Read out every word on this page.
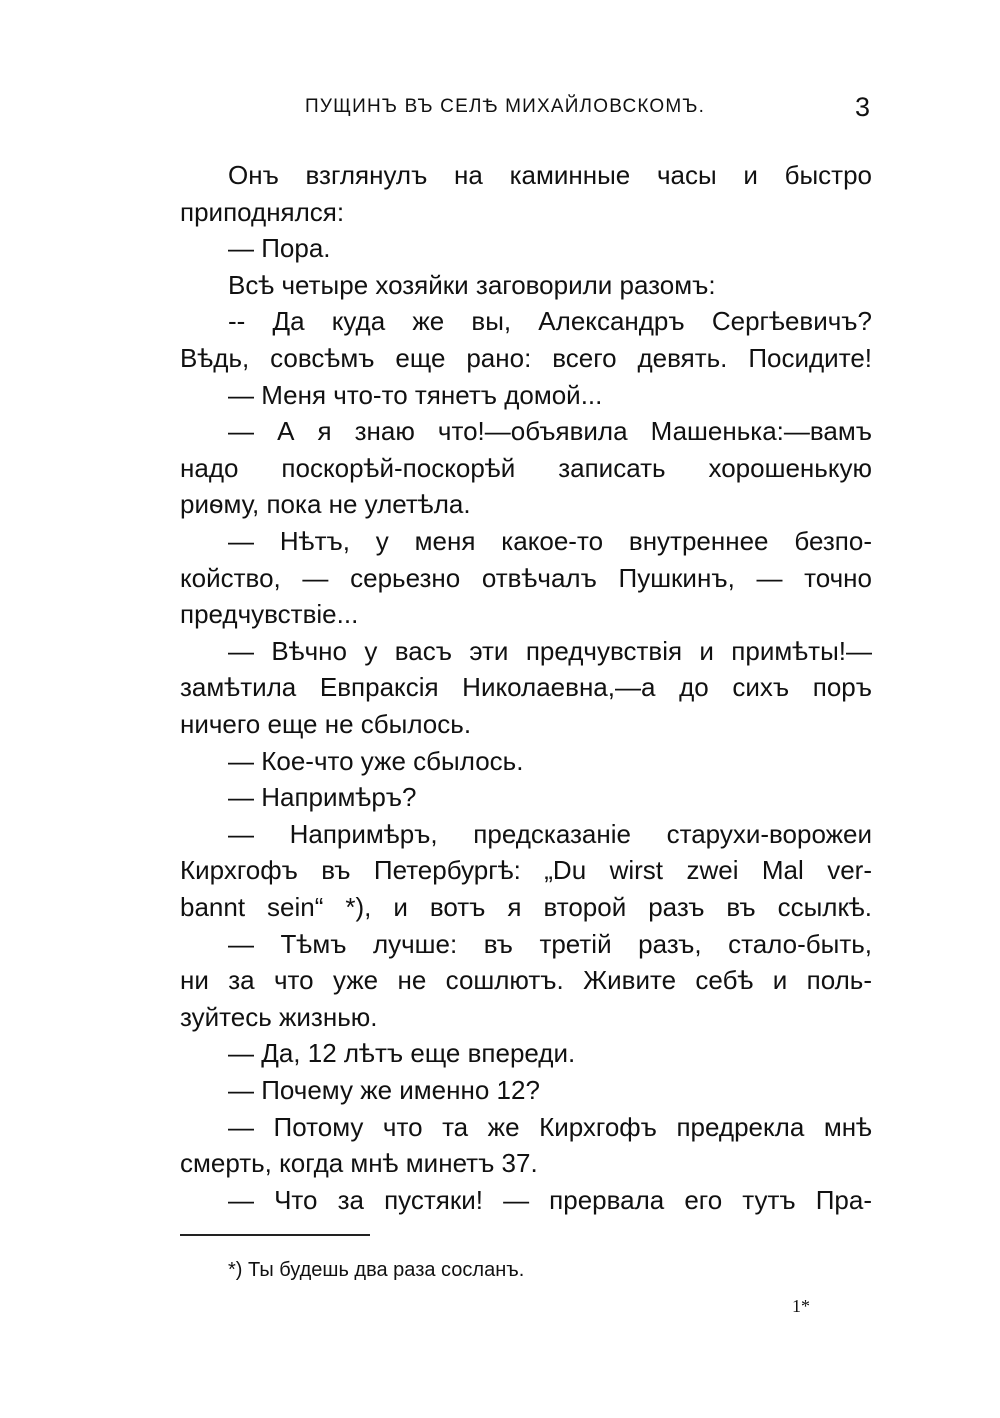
ПУЩИНЪ ВЪ СЕЛѢ МИХАЙЛОВСКОМЪ.	3
Онъ взглянулъ на каминные часы и быстро
приподнялся:
— Пора.
Всѣ четыре хозяйки заговорили разомъ:
-- Да куда же вы, Александръ Сергѣевичъ?
Вѣдь, совсѣмъ еще рано: всего девять. Посидите!
— Меня что-то тянетъ домой...
— А я знаю что!—объявила Машенька:—вамъ
надо поскорѣй-поскорѣй записать хорошенькую
риѳму, пока не улетѣла.
— Нѣтъ, у меня какое-то внутреннее безпо-
койство, — серьезно отвѣчалъ Пушкинъ, — точно
предчувствіе...
— Вѣчно у васъ эти предчувствія и примѣты!—
замѣтила Евпраксія Николаевна,—а до сихъ поръ
ничего еще не сбылось.
— Кое-что уже сбылось.
— Напримѣръ?
— Напримѣръ, предсказаніе старухи-ворожеи
Кирхгофъ въ Петербургѣ: „Du wirst zwei Mal ver-
bannt sein“ *), и вотъ я второй разъ въ ссылкѣ.
— Тѣмъ лучше: въ третій разъ, стало-быть,
ни за что уже не сошлютъ. Живите себѣ и поль-
зуйтесь жизнью.
— Да, 12 лѣтъ еще впереди.
— Почему же именно 12?
— Потому что та же Кирхгофъ предрекла мнѣ
смерть, когда мнѣ минетъ 37.
— Что за пустяки! — прервала его тутъ Пра-
*) Ты будешь два раза сосланъ.
1*
